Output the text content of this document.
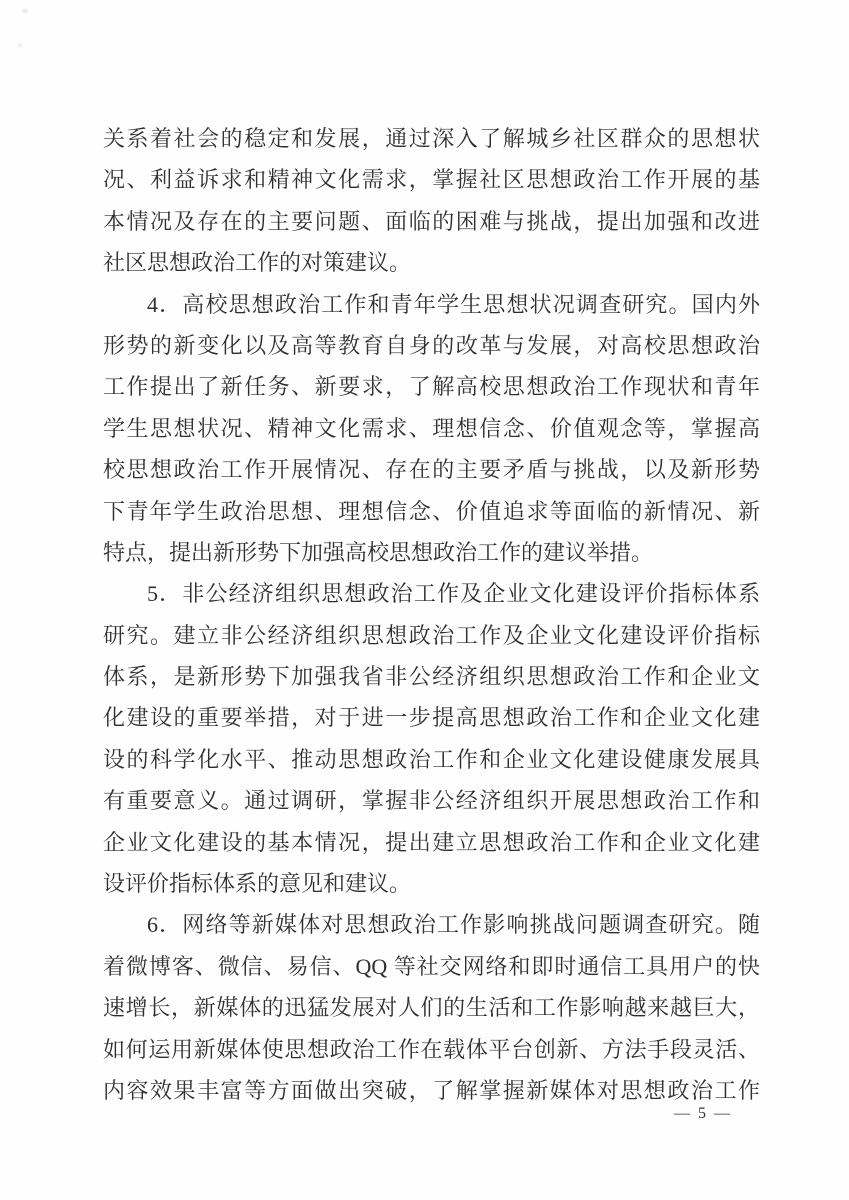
关系着社会的稳定和发展，通过深入了解城乡社区群众的思想状
况、利益诉求和精神文化需求，掌握社区思想政治工作开展的基
本情况及存在的主要问题、面临的困难与挑战，提出加强和改进
社区思想政治工作的对策建议。
4．高校思想政治工作和青年学生思想状况调查研究。国内外
形势的新变化以及高等教育自身的改革与发展，对高校思想政治
工作提出了新任务、新要求，了解高校思想政治工作现状和青年
学生思想状况、精神文化需求、理想信念、价值观念等，掌握高
校思想政治工作开展情况、存在的主要矛盾与挑战，以及新形势
下青年学生政治思想、理想信念、价值追求等面临的新情况、新
特点，提出新形势下加强高校思想政治工作的建议举措。
5．非公经济组织思想政治工作及企业文化建设评价指标体系
研究。建立非公经济组织思想政治工作及企业文化建设评价指标
体系，是新形势下加强我省非公经济组织思想政治工作和企业文
化建设的重要举措，对于进一步提高思想政治工作和企业文化建
设的科学化水平、推动思想政治工作和企业文化建设健康发展具
有重要意义。通过调研，掌握非公经济组织开展思想政治工作和
企业文化建设的基本情况，提出建立思想政治工作和企业文化建
设评价指标体系的意见和建议。
6．网络等新媒体对思想政治工作影响挑战问题调查研究。随
着微博客、微信、易信、QQ 等社交网络和即时通信工具用户的快
速增长，新媒体的迅猛发展对人们的生活和工作影响越来越巨大，
如何运用新媒体使思想政治工作在载体平台创新、方法手段灵活、
内容效果丰富等方面做出突破，了解掌握新媒体对思想政治工作
— 5 —
